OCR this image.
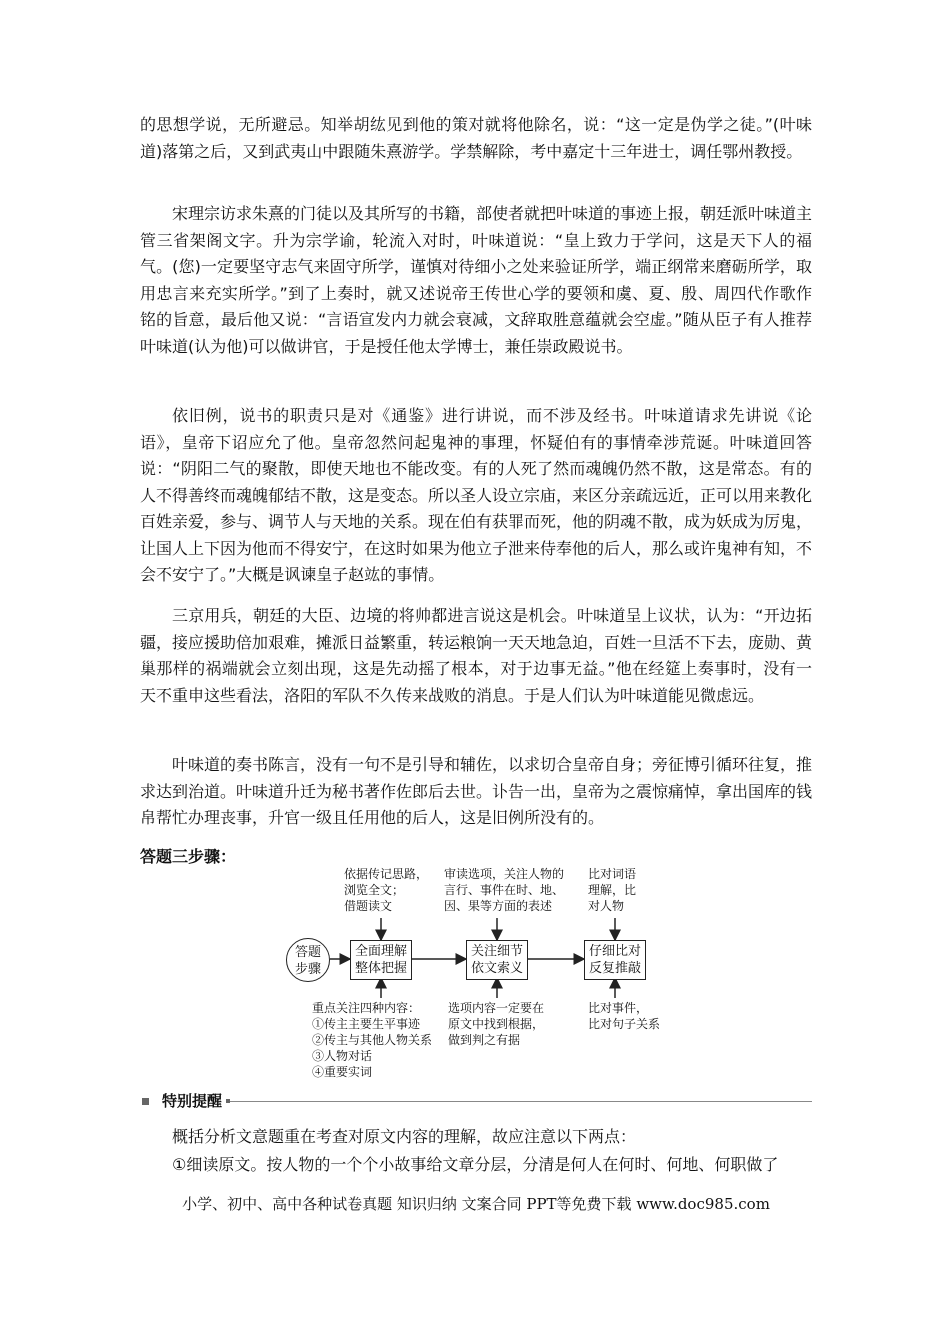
的思想学说，无所避忌。知举胡纮见到他的策对就将他除名，说：“这一定是伪学之徒。”(叶味道)落第之后，又到武夷山中跟随朱熹游学。学禁解除，考中嘉定十三年进士，调任鄂州教授。

宋理宗访求朱熹的门徒以及其所写的书籍，部使者就把叶味道的事迹上报，朝廷派叶味道主管三省架阁文字。升为宗学谕，轮流入对时，叶味道说：“皇上致力于学问，这是天下人的福气。(您)一定要坚守志气来固守所学，谨慎对待细小之处来验证所学，端正纲常来磨砺所学，取用忠言来充实所学。”到了上奏时，就又述说帝王传世心学的要领和虞、夏、殷、周四代作歌作铭的旨意，最后他又说：“言语宣发内力就会衰减，文辞取胜意蕴就会空虚。”随从臣子有人推荐叶味道(认为他)可以做讲官，于是授任他太学博士，兼任崇政殿说书。

依旧例，说书的职责只是对《通鉴》进行讲说，而不涉及经书。叶味道请求先讲说《论语》，皇帝下诏应允了他。皇帝忽然问起鬼神的事理，怀疑伯有的事情牵涉荒诞。叶味道回答说：“阴阳二气的聚散，即使天地也不能改变。有的人死了然而魂魄仍然不散，这是常态。有的人不得善终而魂魄郁结不散，这是变态。所以圣人设立宗庙，来区分亲疏远近，正可以用来教化百姓亲爱，参与、调节人与天地的关系。现在伯有获罪而死，他的阴魂不散，成为妖成为厉鬼，让国人上下因为他而不得安宁，在这时如果为他立子泄来侍奉他的后人，那么或许鬼神有知，不会不安宁了。”大概是讽谏皇子赵竑的事情。

三京用兵，朝廷的大臣、边境的将帅都进言说这是机会。叶味道呈上议状，认为：“开边拓疆，接应援助倍加艰难，摊派日益繁重，转运粮饷一天天地急迫，百姓一旦活不下去，庞勋、黄巢那样的祸端就会立刻出现，这是先动摇了根本，对于边事无益。”他在经筵上奏事时，没有一天不重申这些看法，洛阳的军队不久传来战败的消息。于是人们认为叶味道能见微虑远。

叶味道的奏书陈言，没有一句不是引导和辅佐，以求切合皇帝自身；旁征博引循环往复，推求达到治道。叶味道升迁为秘书著作佐郎后去世。讣告一出，皇帝为之震惊痛悼，拿出国库的钱帛帮忙办理丧事，升官一级且任用他的后人，这是旧例所没有的。

答题三步骤：
依据传记思路，
浏览全文；
借题读文
审读选项，关注人物的
言行、事件在时、地、
因、果等方面的表述
比对词语
理解，比
对人物
答题
步骤
全面理解
整体把握
关注细节
依文索义
仔细比对
反复推敲
重点关注四种内容：
①传主主要生平事迹
②传主与其他人物关系
③人物对话
④重要实词
选项内容一定要在
原文中找到根据，
做到判之有据
比对事件，
比对句子关系
特别提醒

概括分析文意题重在考查对原文内容的理解，故应注意以下两点：

①细读原文。按人物的一个个小故事给文章分层，分清是何人在何时、何地、何职做了

小学、初中、高中各种试卷真题 知识归纳 文案合同 PPT等免费下载 www.doc985.com
